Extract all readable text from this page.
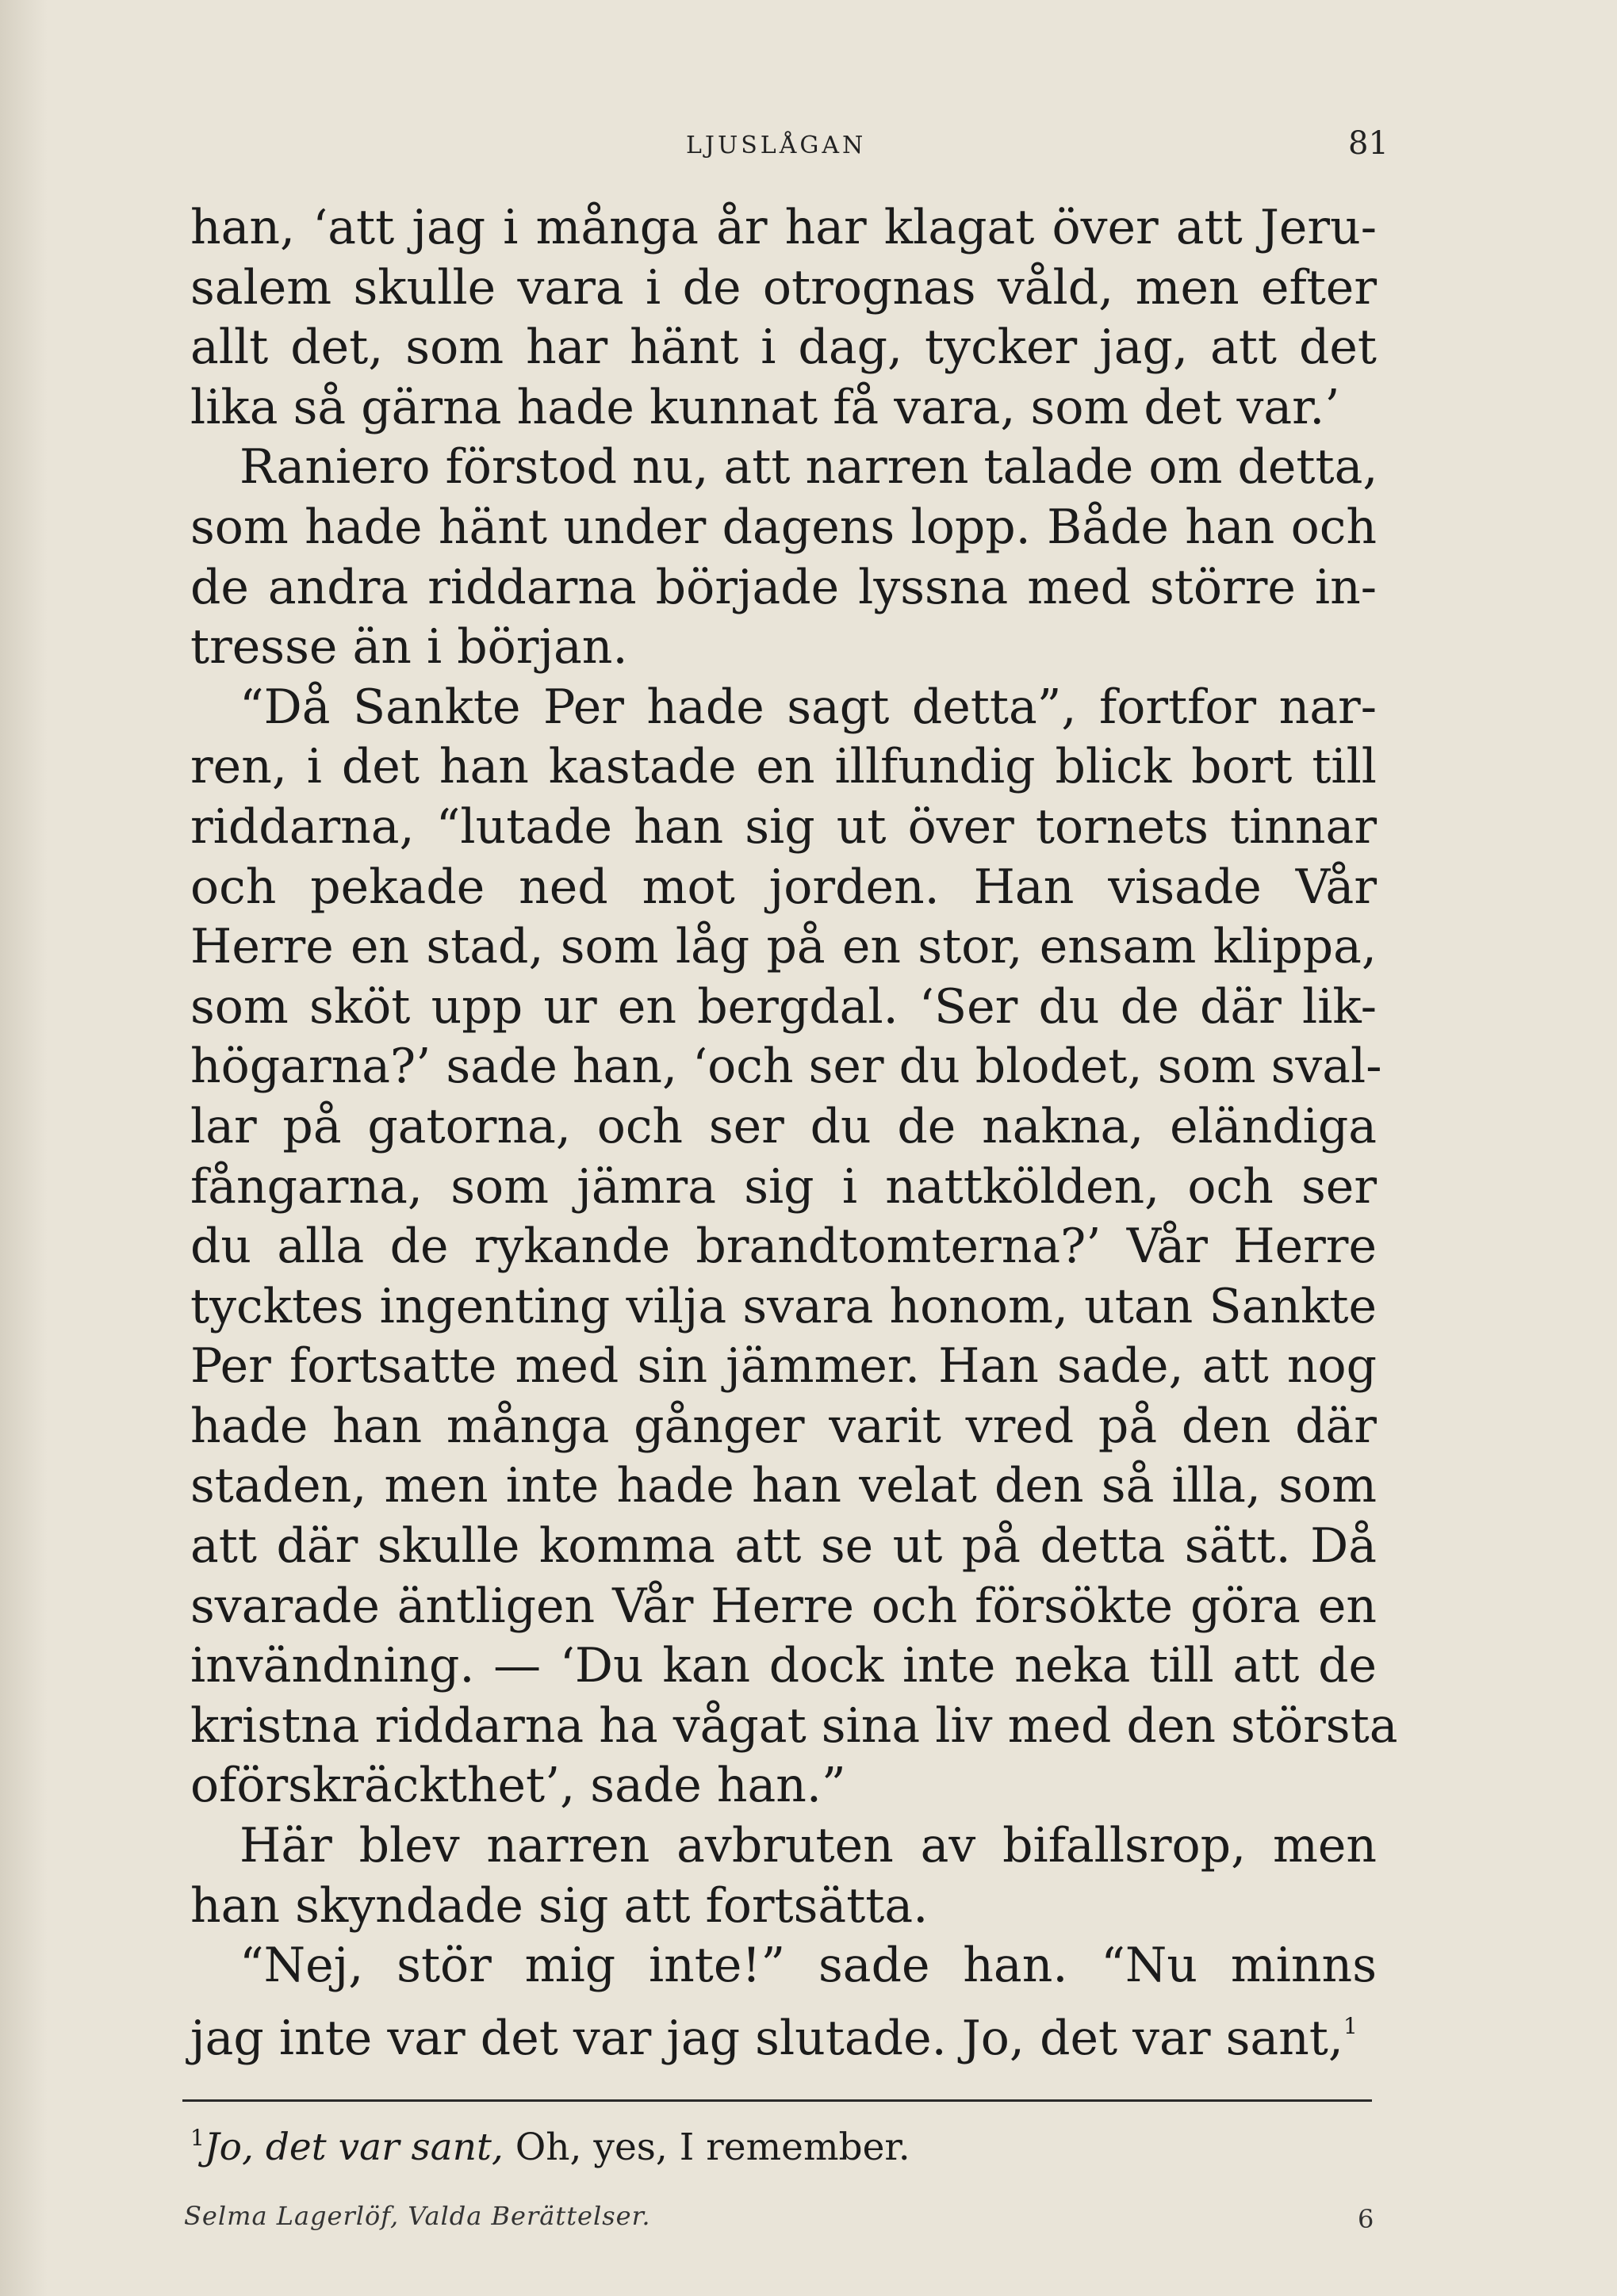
LJUSLÅGAN	81
han, ‘att jag i många år har klagat över att Jeru-
salem skulle vara i de otrognas våld, men efter
allt det, som har hänt i dag, tycker jag, att det
lika så gärna hade kunnat få vara, som det var.’
Raniero förstod nu, att narren talade om detta,
som hade hänt under dagens lopp. Både han och
de andra riddarna började lyssna med större in-
tresse än i början.
“Då Sankte Per hade sagt detta”, fortfor nar-
ren, i det han kastade en illfundig blick bort till
riddarna, “lutade han sig ut över tornets tinnar
och pekade ned mot jorden. Han visade Vår
Herre en stad, som låg på en stor, ensam klippa,
som sköt upp ur en bergdal. ‘Ser du de där lik-
högarna?’ sade han, ‘och ser du blodet, som sval-
lar på gatorna, och ser du de nakna, eländiga
fångarna, som jämra sig i nattkölden, och ser
du alla de rykande brandtomterna?’ Vår Herre
tycktes ingenting vilja svara honom, utan Sankte
Per fortsatte med sin jämmer. Han sade, att nog
hade han många gånger varit vred på den där
staden, men inte hade han velat den så illa, som
att där skulle komma att se ut på detta sätt. Då
svarade äntligen Vår Herre och försökte göra en
invändning. — ‘Du kan dock inte neka till att de
kristna riddarna ha vågat sina liv med den största
oförskräckthet’, sade han.”
Här blev narren avbruten av bifallsrop, men
han skyndade sig att fortsätta.
“Nej, stör mig inte!” sade han. “Nu minns
jag inte var det var jag slutade. Jo, det var sant,$^1$
$^1$Jo, det var sant, Oh, yes, I remember.
Selma Lagerlöf, Valda Berättelser.	6
